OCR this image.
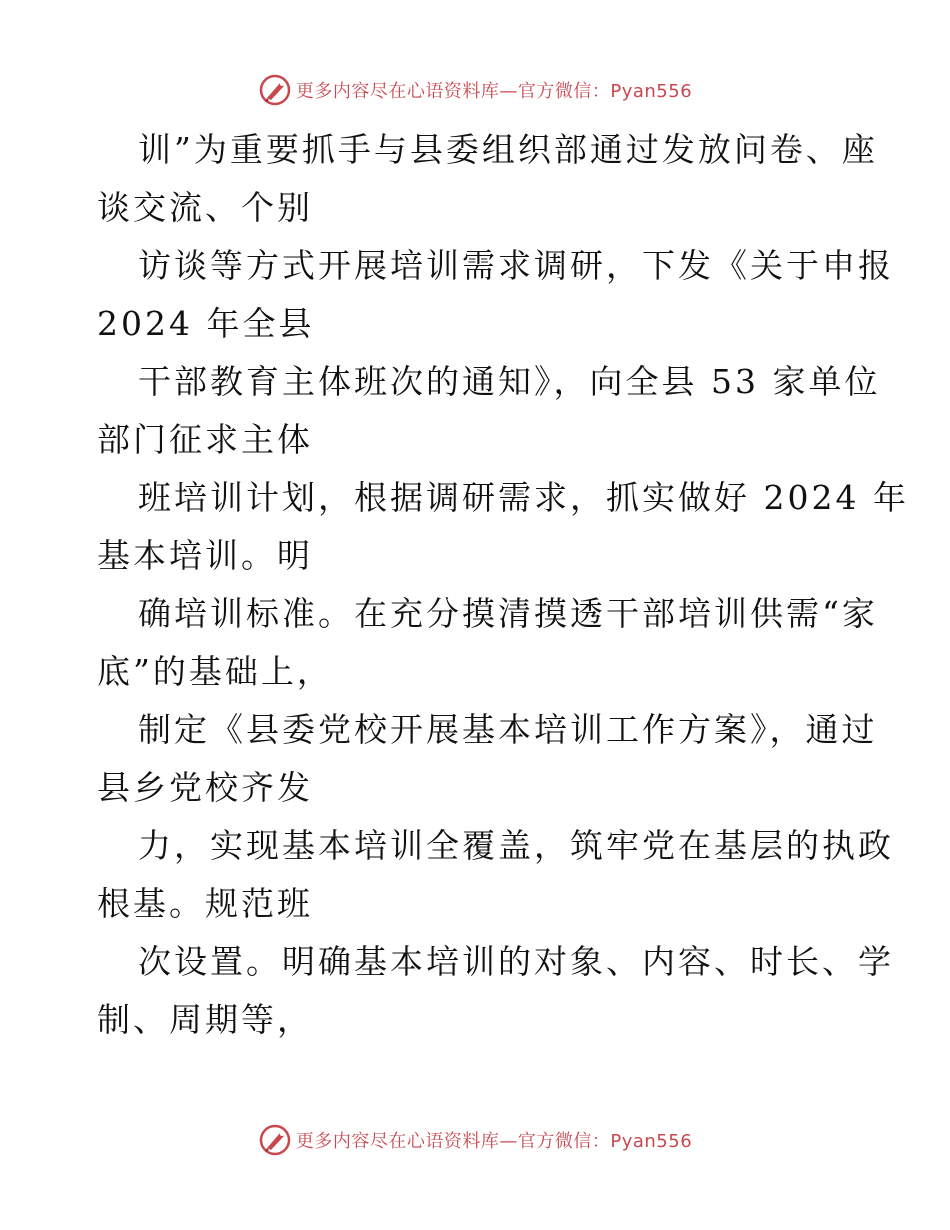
更多内容尽在心语资料库—官方微信：Pyan556
训”为重要抓手与县委组织部通过发放问卷、座
谈交流、个别
访谈等方式开展培训需求调研，下发《关于申报
2024 年全县
干部教育主体班次的通知》，向全县 53 家单位
部门征求主体
班培训计划，根据调研需求，抓实做好 2024 年
基本培训。明
确培训标准。在充分摸清摸透干部培训供需“家
底”的基础上，
制定《县委党校开展基本培训工作方案》，通过
县乡党校齐发
力，实现基本培训全覆盖，筑牢党在基层的执政
根基。规范班
次设置。明确基本培训的对象、内容、时长、学
制、周期等，
更多内容尽在心语资料库—官方微信：Pyan556
